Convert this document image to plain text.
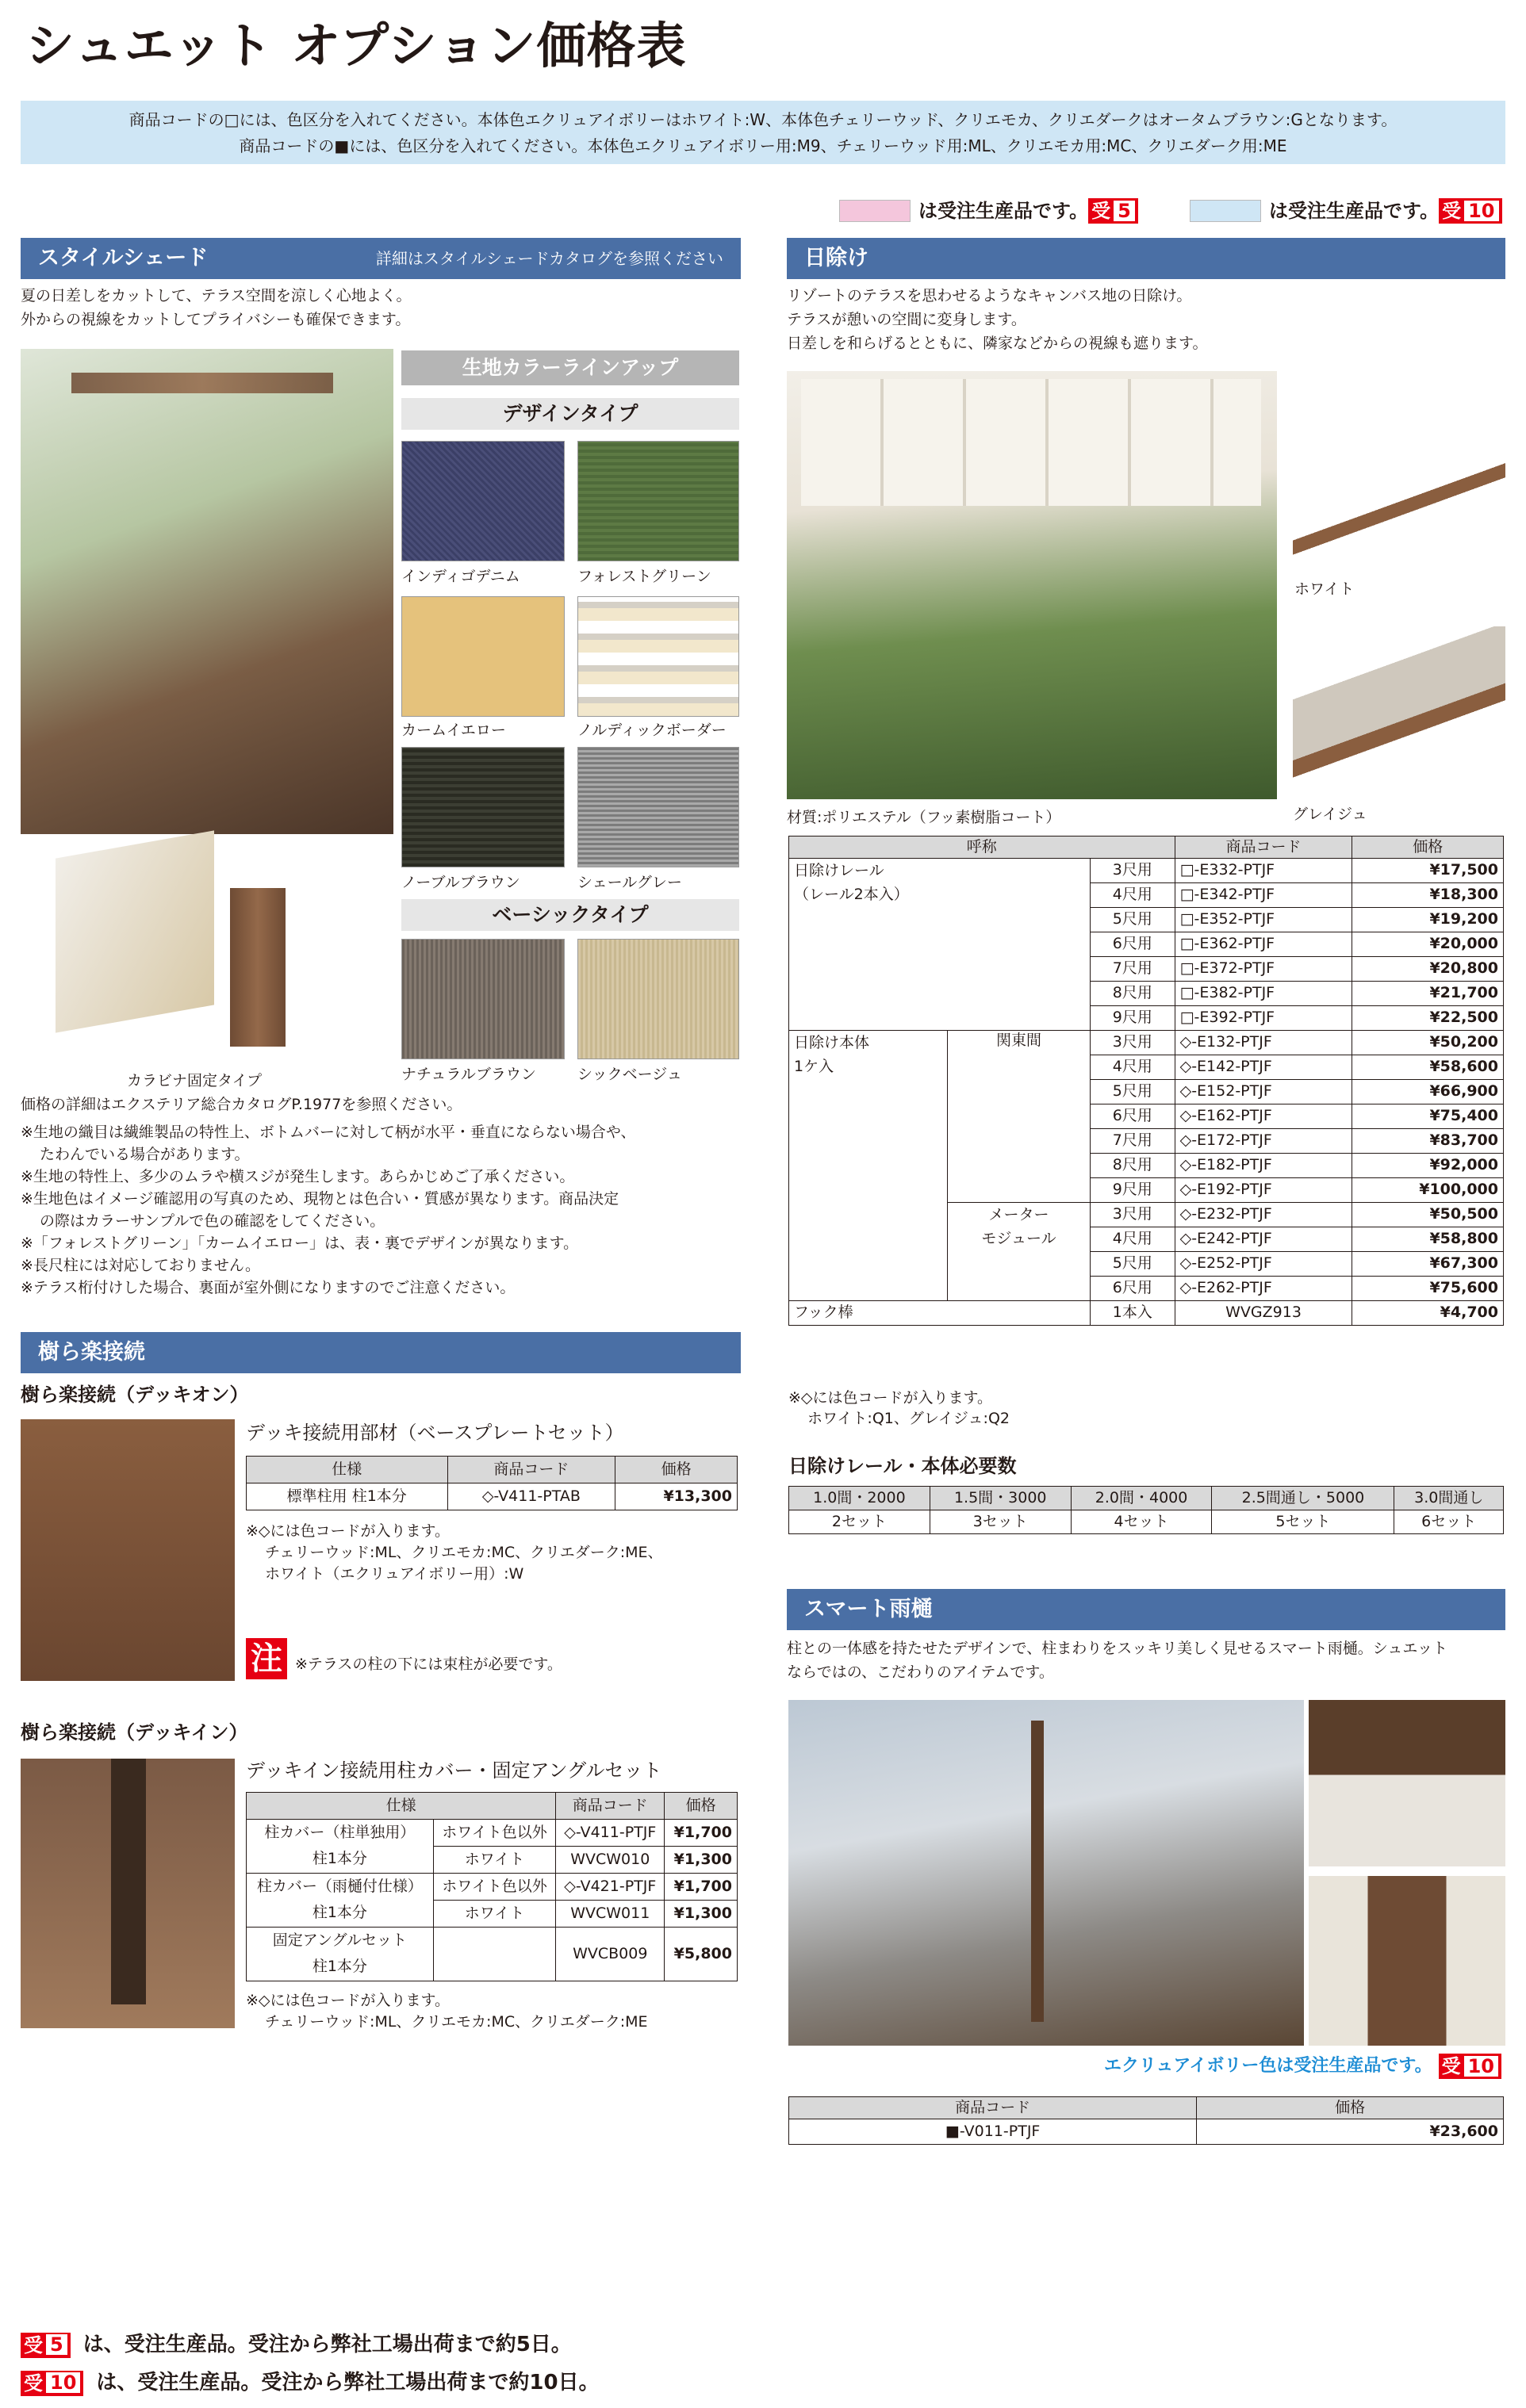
シュエット オプション価格表
商品コードの□には、色区分を入れてください。本体色エクリュアイボリーはホワイト:W、本体色チェリーウッド、クリエモカ、クリエダークはオータムブラウン:Gとなります。
商品コードの■には、色区分を入れてください。本体色エクリュアイボリー用:M9、チェリーウッド用:ML、クリエモカ用:MC、クリエダーク用:ME
は受注生産品です。 受 5	は受注生産品です。 受 10
スタイルシェード	詳細はスタイルシェードカタログを参照ください
夏の日差しをカットして、テラス空間を涼しく心地よく。
外からの視線をカットしてプライバシーも確保できます。
カラビナ固定タイプ
生地カラーラインアップ
デザインタイプ
インディゴデニム	フォレストグリーン
カームイエロー	ノルディックボーダー
ノーブルブラウン	シェールグレー
ベーシックタイプ
ナチュラルブラウン	シックベージュ
価格の詳細はエクステリア総合カタログP.1977を参照ください。
※生地の織目は繊維製品の特性上、ボトムバーに対して柄が水平・垂直にならない場合や、
たわんでいる場合があります。
※生地の特性上、多少のムラや横スジが発生します。あらかじめご了承ください。
※生地色はイメージ確認用の写真のため、現物とは色合い・質感が異なります。商品決定
の際はカラーサンプルで色の確認をしてください。
※「フォレストグリーン」「カームイエロー」は、表・裏でデザインが異なります。
※長尺柱には対応しておりません。
※テラス桁付けした場合、裏面が室外側になりますのでご注意ください。
樹ら楽接続
樹ら楽接続（デッキオン）
デッキ接続用部材（ベースプレートセット）
仕様	商品コード	価格
標準柱用 柱1本分	◇-V411-PTAB	¥13,300
※◇には色コードが入ります。
チェリーウッド:ML、クリエモカ:MC、クリエダーク:ME、
ホワイト（エクリュアイボリー用）:W
注 ※テラスの柱の下には束柱が必要です。
樹ら楽接続（デッキイン）
デッキイン接続用柱カバー・固定アングルセット
仕様		商品コード	価格
柱カバー（柱単独用）	ホワイト色以外	◇-V411-PTJF	¥1,700
柱1本分	ホワイト	WVCW010	¥1,300
柱カバー（雨樋付仕様）	ホワイト色以外	◇-V421-PTJF	¥1,700
柱1本分	ホワイト	WVCW011	¥1,300
固定アングルセット		WVCB009	¥5,800
柱1本分			
※◇には色コードが入ります。
チェリーウッド:ML、クリエモカ:MC、クリエダーク:ME
日除け
リゾートのテラスを思わせるようなキャンバス地の日除け。
テラスが憩いの空間に変身します。
日差しを和らげるとともに、隣家などからの視線も遮ります。
ホワイト
グレイジュ
材質:ポリエステル（フッ素樹脂コート）
呼称			商品コード	価格

日除けレール
（レール2本入）		3尺用	□-E332-PTJF	¥17,500
		4尺用	□-E342-PTJF	¥18,300
		5尺用	□-E352-PTJF	¥19,200
		6尺用	□-E362-PTJF	¥20,000
		7尺用	□-E372-PTJF	¥20,800
		8尺用	□-E382-PTJF	¥21,700
		9尺用	□-E392-PTJF	¥22,500

日除け本体
1ケ入	関東間	3尺用	◇-E132-PTJF	¥50,200
		4尺用	◇-E142-PTJF	¥58,600
		5尺用	◇-E152-PTJF	¥66,900
		6尺用	◇-E162-PTJF	¥75,400
		7尺用	◇-E172-PTJF	¥83,700
		8尺用	◇-E182-PTJF	¥92,000
		9尺用	◇-E192-PTJF	¥100,000

	メーター
モジュール	3尺用	◇-E232-PTJF	¥50,500
		4尺用	◇-E242-PTJF	¥58,800
		5尺用	◇-E252-PTJF	¥67,300
		6尺用	◇-E262-PTJF	¥75,600
フック棒		1本入	WVGZ913	¥4,700
※◇には色コードが入ります。
ホワイト:Q1、グレイジュ:Q2
日除けレール・本体必要数
1.0間・2000	1.5間・3000	2.0間・4000	2.5間通し・5000	3.0間通し
2セット	3セット	4セット	5セット	6セット
スマート雨樋
柱との一体感を持たせたデザインで、柱まわりをスッキリ美しく見せるスマート雨樋。シュエット
ならではの、こだわりのアイテムです。
エクリュアイボリー色は受注生産品です。 受 10
商品コード	価格
■-V011-PTJF	¥23,600
受 5 は、受注生産品。受注から弊社工場出荷まで約5日。
受 10 は、受注生産品。受注から弊社工場出荷まで約10日。
